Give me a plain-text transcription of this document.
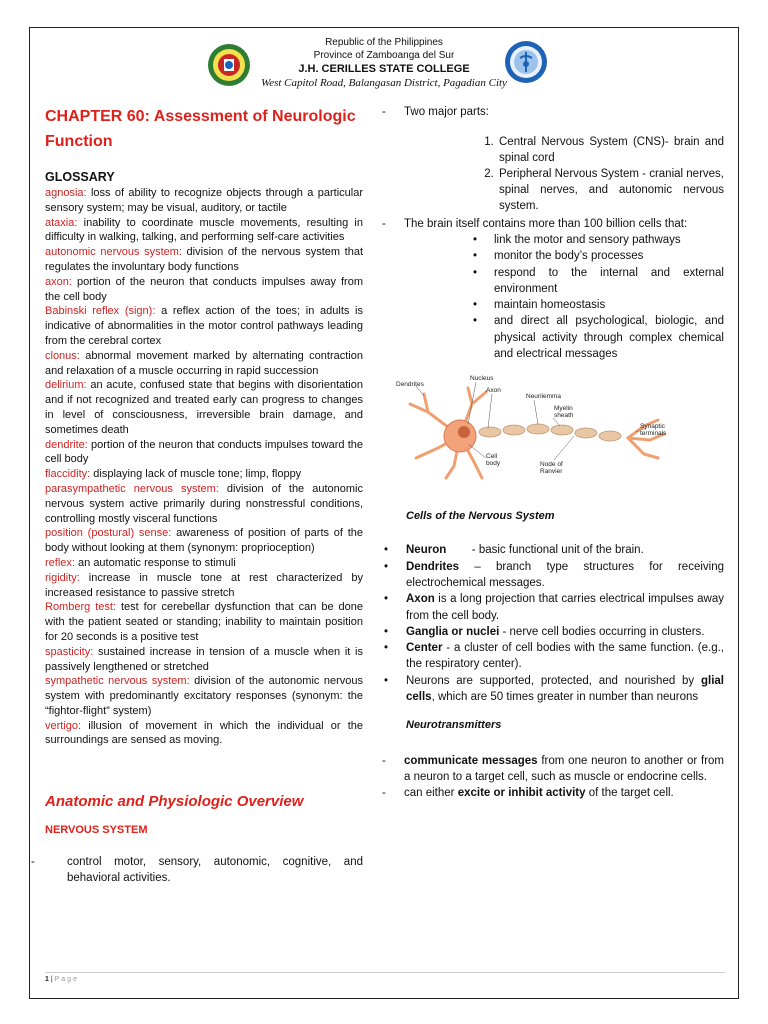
Republic of the Philippines
Province of Zamboanga del Sur
J.H. CERILLES STATE COLLEGE
West Capitol Road, Balangasan District, Pagadian City
CHAPTER 60: Assessment of Neurologic Function
GLOSSARY

agnosia: loss of ability to recognize objects through a particular sensory system; may be visual, auditory, or tactile

ataxia: inability to coordinate muscle movements, resulting in difficulty in walking, talking, and performing self-care activities

autonomic nervous system: division of the nervous system that regulates the involuntary body functions

axon: portion of the neuron that conducts impulses away from the cell body

Babinski reflex (sign): a reflex action of the toes; in adults is indicative of abnormalities in the motor control pathways leading from the cerebral cortex

clonus: abnormal movement marked by alternating contraction and relaxation of a muscle occurring in rapid succession

delirium: an acute, confused state that begins with disorientation and if not recognized and treated early can progress to changes in level of consciousness, irreversible brain damage, and sometimes death

dendrite: portion of the neuron that conducts impulses toward the cell body

flaccidity: displaying lack of muscle tone; limp, floppy

parasympathetic nervous system: division of the autonomic nervous system active primarily during nonstressful conditions, controlling mostly visceral functions

position (postural) sense: awareness of position of parts of the body without looking at them (synonym: proprioception)

reflex: an automatic response to stimuli

rigidity: increase in muscle tone at rest characterized by increased resistance to passive stretch

Romberg test: test for cerebellar dysfunction that can be done with the patient seated or standing; inability to maintain position for 20 seconds is a positive test

spasticity: sustained increase in tension of a muscle when it is passively lengthened or stretched

sympathetic nervous system: division of the autonomic nervous system with predominantly excitatory responses (synonym: the “fightor-flight” system)

vertigo: illusion of movement in which the individual or the surroundings are sensed as moving.

Anatomic and Physiologic Overview
NERVOUS SYSTEM
-	control motor, sensory, autonomic, cognitive, and behavioral activities.
- Two major parts:
1. Central Nervous System (CNS)- brain and spinal cord
2. Peripheral Nervous System - cranial nerves, spinal nerves, and autonomic nervous system.
- The brain itself contains more than 100 billion cells that:
• link the motor and sensory pathways
• monitor the body’s processes
• respond to the internal and external environment
• maintain homeostasis
• and direct all psychological, biologic, and physical activity through complex chemical and electrical messages
Dendrites
Nucleus
Axon
Neurilemma
Myelin
sheath
Synaptic
terminals
Cell
body	Node of
Ranvier
Cells of the Nervous System
• Neuron        - basic functional unit of the brain.
• Dendrites – branch type structures for receiving electrochemical messages.
• Axon is a long projection that carries electrical impulses away from the cell body.
• Ganglia or nuclei - nerve cell bodies occurring in clusters.
• Center - a cluster of cell bodies with the same function. (e.g., the respiratory center).
• Neurons are supported, protected, and nourished by glial cells, which are 50 times greater in number than neurons
Neurotransmitters
- communicate messages from one neuron to another or from a neuron to a target cell, such as muscle or endocrine cells.
- can either excite or inhibit activity of the target cell.
1 | Page
